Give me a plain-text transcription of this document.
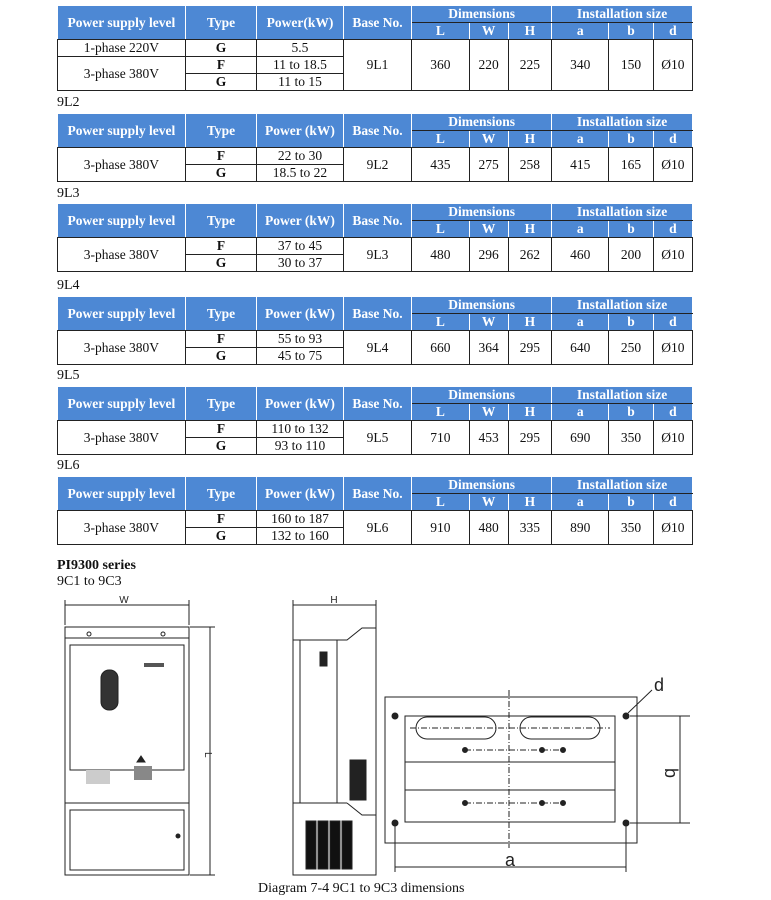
Power supply level	Type	Power(kW)	Base No.	Dimensions			Installation size		
				L	W	H	a	b	d
1-phase 220V	G	5.5	9L1	360	220	225	340	150	Ø10
3-phase 380V	F	11 to 18.5							
	G	11 to 15							
9L2
Power supply level	Type	Power (kW)	Base No.	Dimensions			Installation size		
				L	W	H	a	b	d
3-phase 380V	F	22 to 30	9L2	435	275	258	415	165	Ø10
	G	18.5 to 22							
9L3
Power supply level	Type	Power (kW)	Base No.	Dimensions			Installation size		
				L	W	H	a	b	d
3-phase 380V	F	37 to 45	9L3	480	296	262	460	200	Ø10
	G	30 to 37							
9L4
Power supply level	Type	Power (kW)	Base No.	Dimensions			Installation size		
				L	W	H	a	b	d
3-phase 380V	F	55 to 93	9L4	660	364	295	640	250	Ø10
	G	45 to 75							
9L5
Power supply level	Type	Power (kW)	Base No.	Dimensions			Installation size		
				L	W	H	a	b	d
3-phase 380V	F	110 to 132	9L5	710	453	295	690	350	Ø10
	G	93 to 110							
9L6
Power supply level	Type	Power (kW)	Base No.	Dimensions			Installation size		
				L	W	H	a	b	d
3-phase 380V	F	160 to 187	9L6	910	480	335	890	350	Ø10
	G	132 to 160							
PI9300 series
9C1 to 9C3
W
L
H
a
b
d
Diagram 7-4 9C1 to 9C3 dimensions
